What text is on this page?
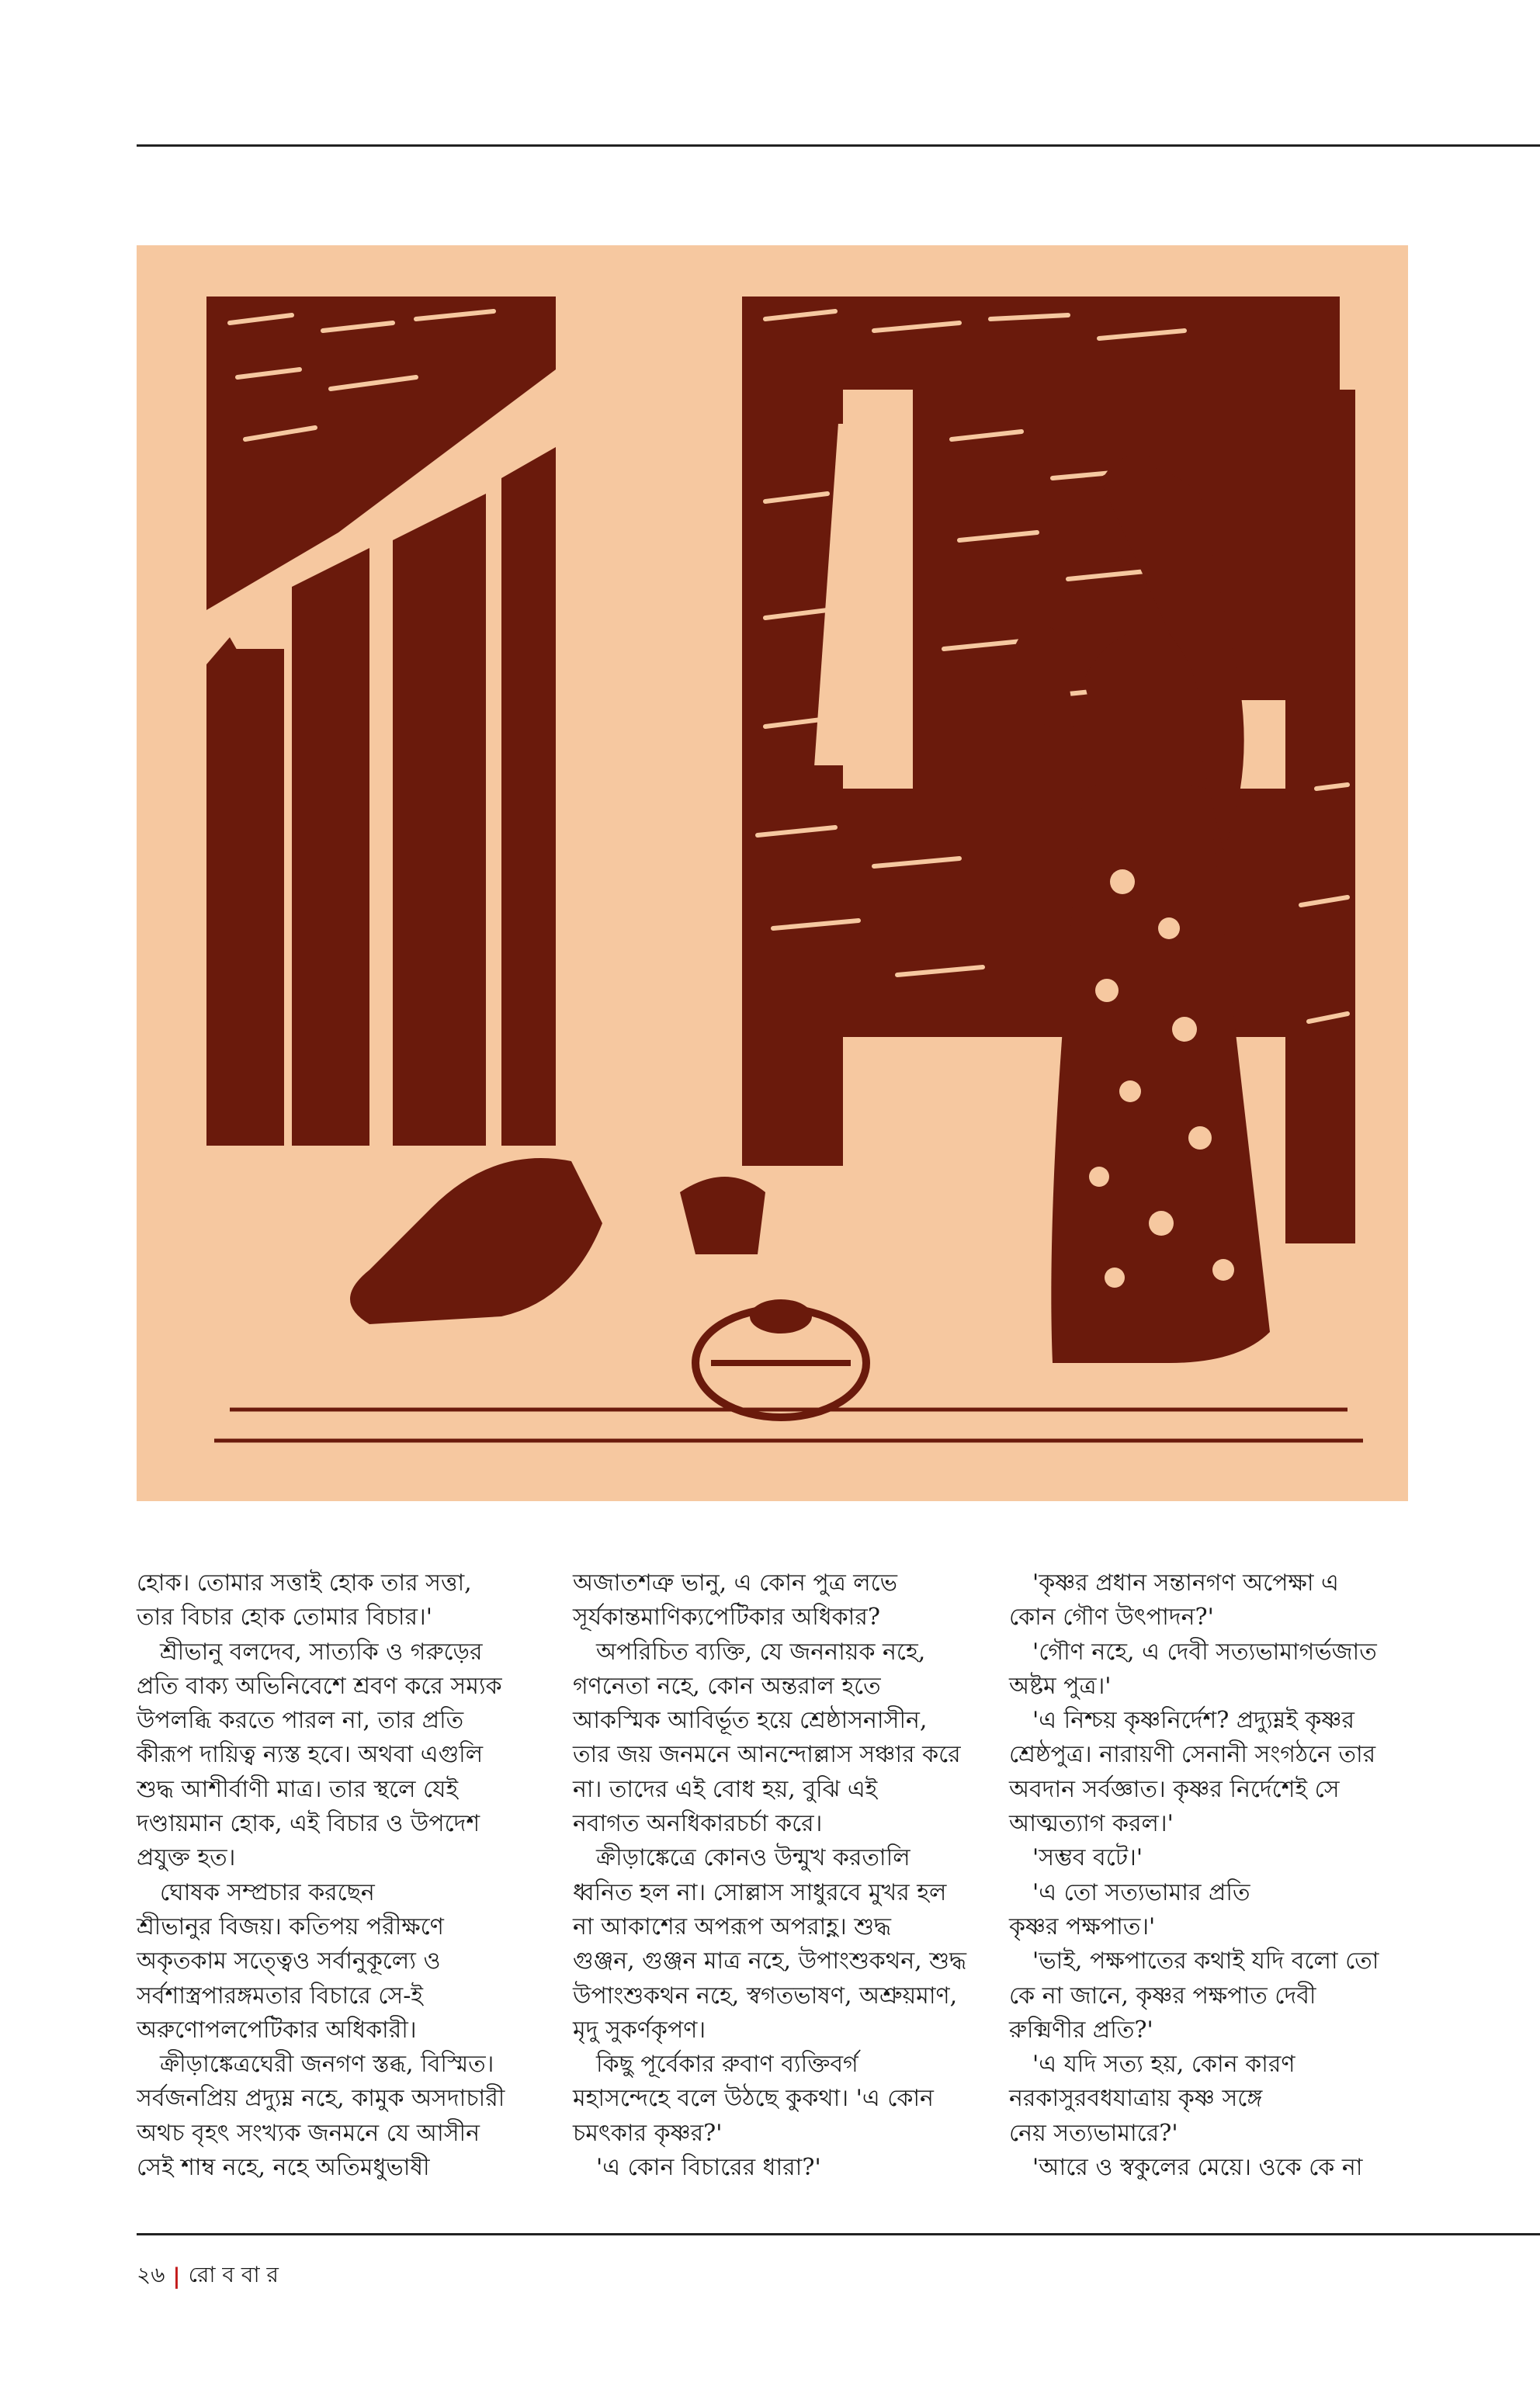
হোক। তোমার সত্তাই হোক তার সত্তা,

তার বিচার হোক তোমার বিচার।'

শ্রীভানু বলদেব, সাত্যকি ও গরুড়ের

প্রতি বাক্য অভিনিবেশে শ্রবণ করে সম্যক

উপলব্ধি করতে পারল না, তার প্রতি

কীরূপ দায়িত্ব ন্যস্ত হবে। অথবা এগুলি

শুদ্ধ আশীর্বাণী মাত্র। তার স্থলে যেই

দণ্ডায়মান হোক, এই বিচার ও উপদেশ

প্রযুক্ত হত।

ঘোষক সম্প্রচার করছেন

শ্রীভানুর বিজয়। কতিপয় পরীক্ষণে

অকৃতকাম সত্ত্বেও সর্বানুকূল্যে ও

সর্বশাস্ত্রপারঙ্গমতার বিচারে সে-ই

অরুণোপলপেটিকার অধিকারী।

ক্রীড়াঙ্কেত্রঘেরী জনগণ স্তব্ধ, বিস্মিত।

সর্বজনপ্রিয় প্রদ্যুম্ন নহে, কামুক অসদাচারী

অথচ বৃহৎ সংখ্যক জনমনে যে আসীন

সেই শাম্ব নহে, নহে অতিমধুভাষী

অজাতশত্রু ভানু, এ কোন পুত্র লভে

সূর্যকান্তমাণিক্যপেটিকার অধিকার?

অপরিচিত ব্যক্তি, যে জননায়ক নহে,

গণনেতা নহে, কোন অন্তরাল হতে

আকস্মিক আবির্ভূত হয়ে শ্রেষ্ঠাসনাসীন,

তার জয় জনমনে আনন্দোল্লাস সঞ্চার করে

না। তাদের এই বোধ হয়, বুঝি এই

নবাগত অনধিকারচর্চা করে।

ক্রীড়াঙ্কেত্রে কোনও উন্মুখ করতালি

ধ্বনিত হল না। সোল্লাস সাধুরবে মুখর হল

না আকাশের অপরূপ অপরাহ্ণ। শুদ্ধ

গুঞ্জন, গুঞ্জন মাত্র নহে, উপাংশুকথন, শুদ্ধ

উপাংশুকথন নহে, স্বগতভাষণ, অশ্রুয়মাণ,

মৃদু সুকর্ণকৃপণ।

কিছু পূর্বেকার রুবাণ ব্যক্তিবর্গ

মহাসন্দেহে বলে উঠছে কুকথা। 'এ কোন

চমৎকার কৃষ্ণর?'

'এ কোন বিচারের ধারা?'

'কৃষ্ণর প্রধান সন্তানগণ অপেক্ষা এ

কোন গৌণ উৎপাদন?'

'গৌণ নহে, এ দেবী সত্যভামাগর্ভজাত

অষ্টম পুত্র।'

'এ নিশ্চয় কৃষ্ণনির্দেশ? প্রদ্যুম্নই কৃষ্ণর

শ্রেষ্ঠপুত্র। নারায়ণী সেনানী সংগঠনে তার

অবদান সর্বজ্ঞাত। কৃষ্ণর নির্দেশেই সে

আত্মত্যাগ করল।'

'সম্ভব বটে।'

'এ তো সত্যভামার প্রতি

কৃষ্ণর পক্ষপাত।'

'ভাই, পক্ষপাতের কথাই যদি বলো তো

কে না জানে, কৃষ্ণর পক্ষপাত দেবী

রুক্মিণীর প্রতি?'

'এ যদি সত্য হয়, কোন কারণ

নরকাসুরবধযাত্রায় কৃষ্ণ সঙ্গে

নেয় সত্যভামারে?'

'আরে ও স্বকুলের মেয়ে। ওকে কে না

২৬ | রো ব বা র
